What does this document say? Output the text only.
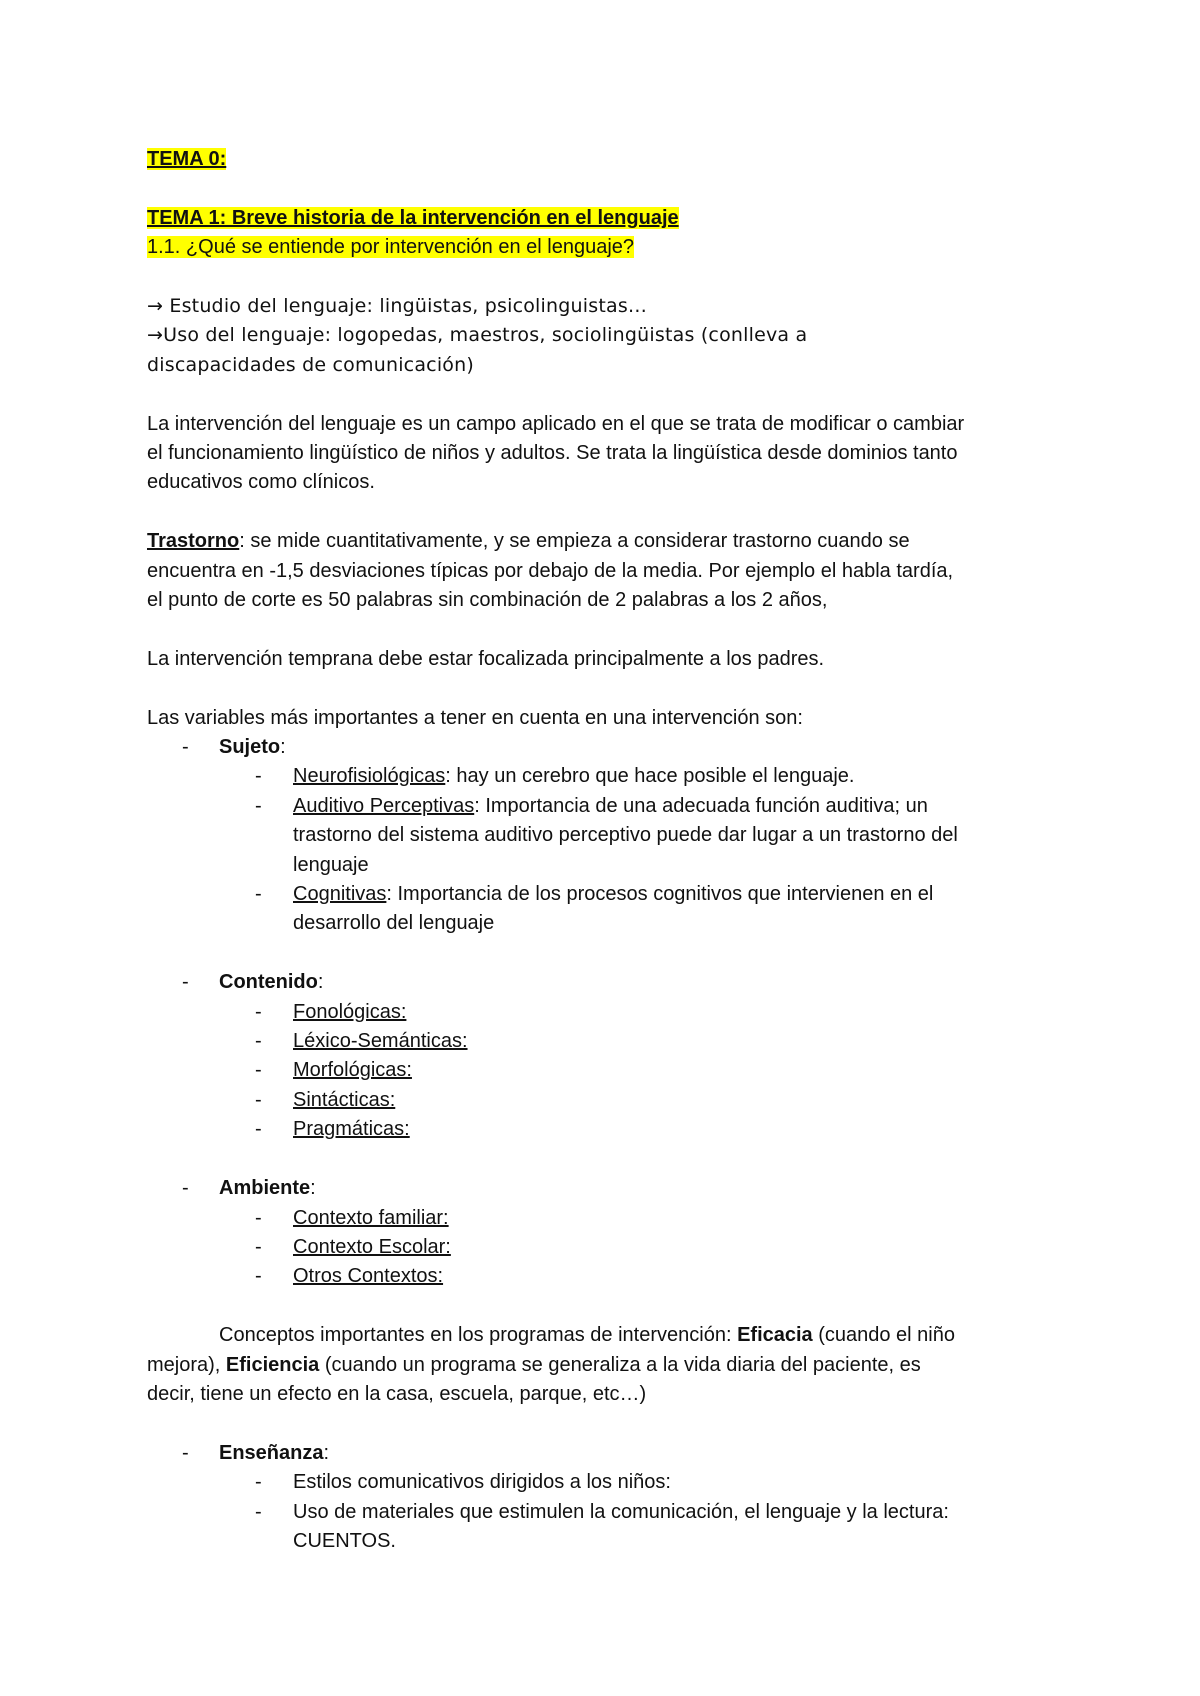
TEMA 0:
TEMA 1: Breve historia de la intervención en el lenguaje
1.1. ¿Qué se entiende por intervención en el lenguaje?
→ Estudio del lenguaje: lingüistas, psicolinguistas…
→Uso del lenguaje: logopedas, maestros, sociolingüistas (conlleva a
discapacidades de comunicación)
La intervención del lenguaje es un campo aplicado en el que se trata de modificar o cambiar
el funcionamiento lingüístico de niños y adultos. Se trata la lingüística desde dominios tanto
educativos como clínicos.
Trastorno: se mide cuantitativamente, y se empieza a considerar trastorno cuando se
encuentra en -1,5 desviaciones típicas por debajo de la media. Por ejemplo el habla tardía,
el punto de corte es 50 palabras sin combinación de 2 palabras a los 2 años,
La intervención temprana debe estar focalizada principalmente a los padres.
Las variables más importantes a tener en cuenta en una intervención son:
- Sujeto:
- Neurofisiológicas: hay un cerebro que hace posible el lenguaje.
- Auditivo Perceptivas: Importancia de una adecuada función auditiva; un
trastorno del sistema auditivo perceptivo puede dar lugar a un trastorno del
lenguaje
- Cognitivas: Importancia de los procesos cognitivos que intervienen en el
desarrollo del lenguaje
- Contenido:
- Fonológicas:
- Léxico-Semánticas:
- Morfológicas:
- Sintácticas:
- Pragmáticas:
- Ambiente:
- Contexto familiar:
- Contexto Escolar:
- Otros Contextos:
Conceptos importantes en los programas de intervención: Eficacia (cuando el niño
mejora), Eficiencia (cuando un programa se generaliza a la vida diaria del paciente, es
decir, tiene un efecto en la casa, escuela, parque, etc…)
- Enseñanza:
- Estilos comunicativos dirigidos a los niños:
- Uso de materiales que estimulen la comunicación, el lenguaje y la lectura:
CUENTOS.
